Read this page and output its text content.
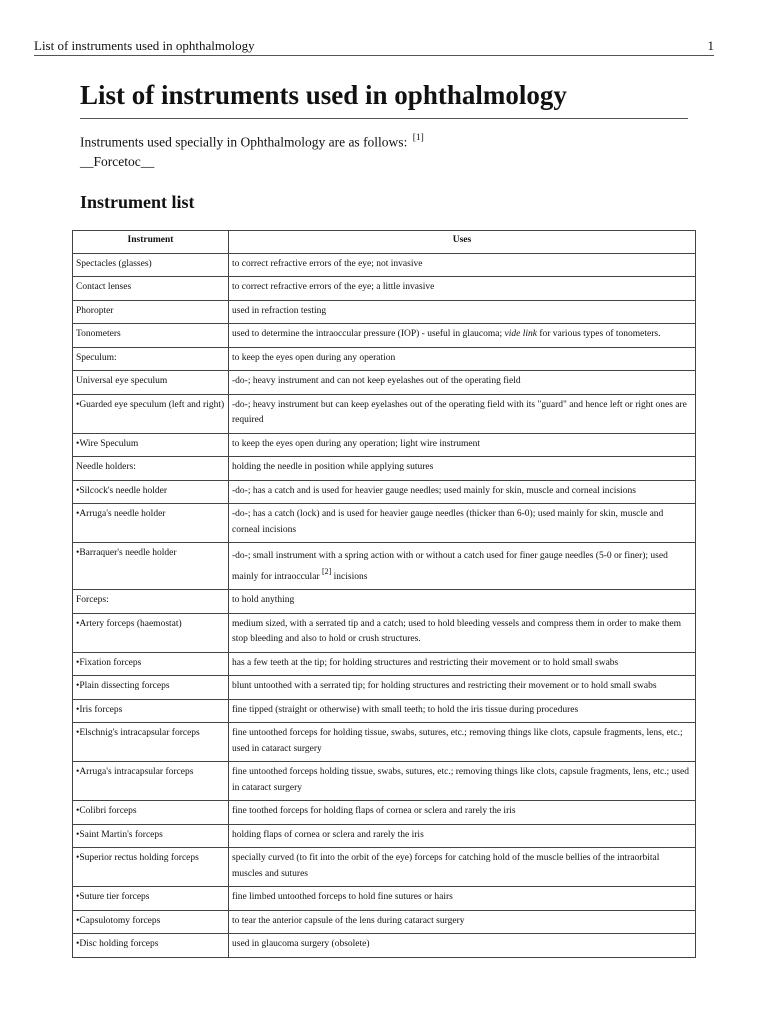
List of instruments used in ophthalmology	1
List of instruments used in ophthalmology

Instruments used specially in Ophthalmology are as follows: [1]

__Forcetoc__

Instrument list
Instrument	Uses
Spectacles (glasses)	to correct refractive errors of the eye; not invasive
Contact lenses	to correct refractive errors of the eye; a little invasive
Phoropter	used in refraction testing
Tonometers	used to determine the intraoccular pressure (IOP) - useful in glaucoma; vide link for various types of tonometers.
Speculum:	to keep the eyes open during any operation
Universal eye speculum	-do-; heavy instrument and can not keep eyelashes out of the operating field
•Guarded eye speculum (left and right)	-do-; heavy instrument but can keep eyelashes out of the operating field with its "guard" and hence left or right ones are required
•Wire Speculum	to keep the eyes open during any operation; light wire instrument
Needle holders:	holding the needle in position while applying sutures
•Silcock's needle holder	-do-; has a catch and is used for heavier gauge needles; used mainly for skin, muscle and corneal incisions
•Arruga's needle holder	-do-; has a catch (lock) and is used for heavier gauge needles (thicker than 6-0); used mainly for skin, muscle and corneal incisions
•Barraquer's needle holder	-do-; small instrument with a spring action with or without a catch used for finer gauge needles (5-0 or finer); used mainly for intraoccular [2] incisions
Forceps:	to hold anything
•Artery forceps (haemostat)	medium sized, with a serrated tip and a catch; used to hold bleeding vessels and compress them in order to make them stop bleeding and also to hold or crush structures.
•Fixation forceps	has a few teeth at the tip; for holding structures and restricting their movement or to hold small swabs
•Plain dissecting forceps	blunt untoothed with a serrated tip; for holding structures and restricting their movement or to hold small swabs
•Iris forceps	fine tipped (straight or otherwise) with small teeth; to hold the iris tissue during procedures
•Elschnig's intracapsular forceps	fine untoothed forceps for holding tissue, swabs, sutures, etc.; removing things like clots, capsule fragments, lens, etc.; used in cataract surgery
•Arruga's intracapsular forceps	fine untoothed forceps holding tissue, swabs, sutures, etc.; removing things like clots, capsule fragments, lens, etc.; used in cataract surgery
•Colibri forceps	fine toothed forceps for holding flaps of cornea or sclera and rarely the iris
•Saint Martin's forceps	holding flaps of cornea or sclera and rarely the iris
•Superior rectus holding forceps	specially curved (to fit into the orbit of the eye) forceps for catching hold of the muscle bellies of the intraorbital muscles and sutures
•Suture tier forceps	fine limbed untoothed forceps to hold fine sutures or hairs
•Capsulotomy forceps	to tear the anterior capsule of the lens during cataract surgery
•Disc holding forceps	used in glaucoma surgery (obsolete)
